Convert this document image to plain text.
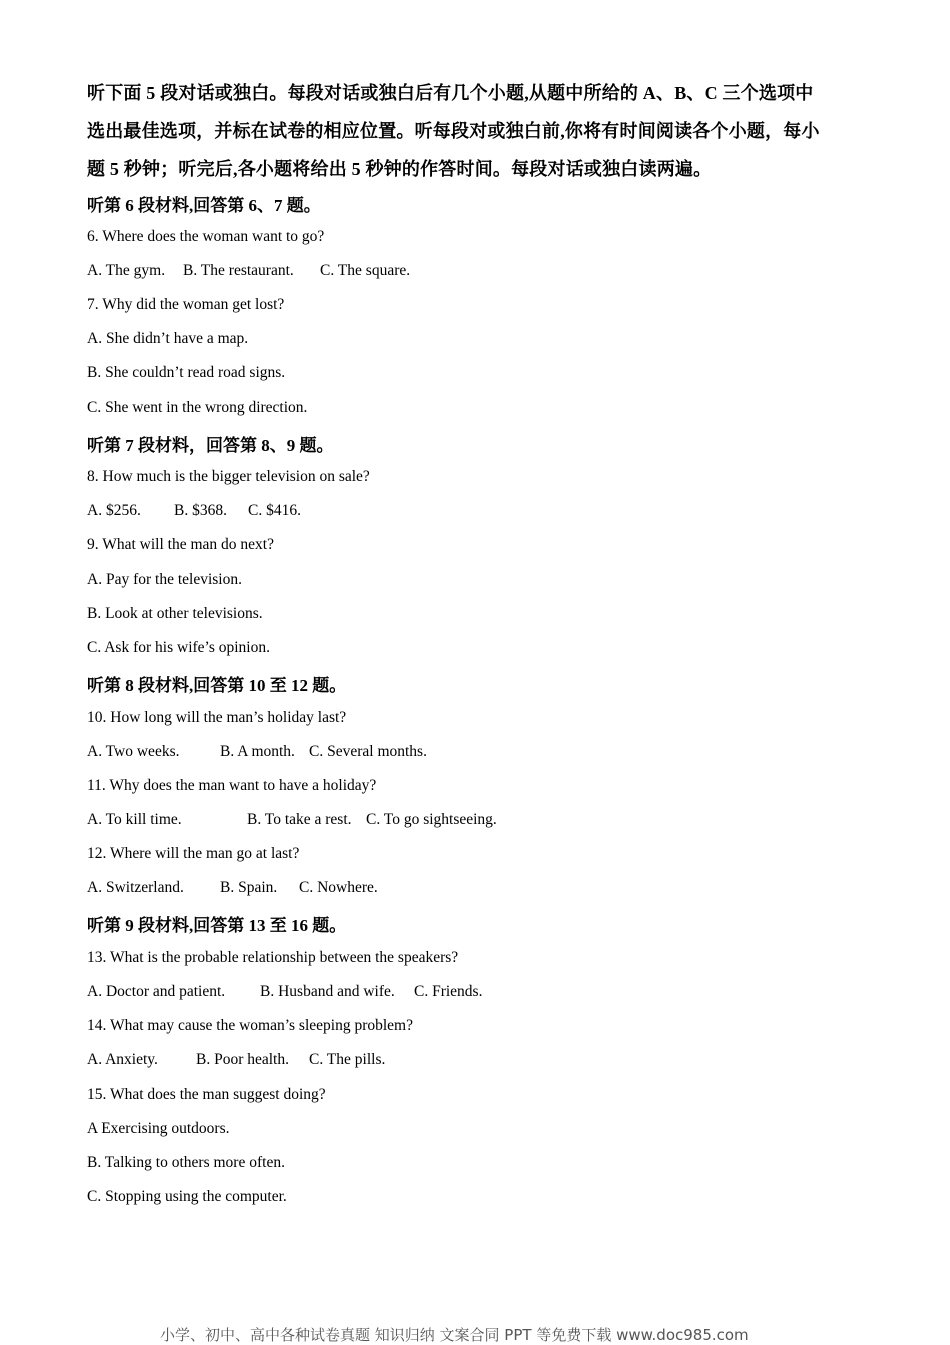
听下面 5 段对话或独白。每段对话或独白后有几个小题,从题中所给的 A、B、C 三个选项中
选出最佳选项，并标在试卷的相应位置。听每段对或独白前,你将有时间阅读各个小题，每小
题 5 秒钟；听完后,各小题将给出 5 秒钟的作答时间。每段对话或独白读两遍。
听第 6 段材料,回答第 6、7 题。
6. Where does the woman want to go?
A. The gym. B. The restaurant. C. The square.
7. Why did the woman get lost?
A. She didn’t have a map.
B. She couldn’t read road signs.
C. She went in the wrong direction.
听第 7 段材料，回答第 8、9 题。
8. How much is the bigger television on sale?
A. $256. B. $368. C. $416.
9. What will the man do next?
A. Pay for the television.
B. Look at other televisions.
C. Ask for his wife’s opinion.
听第 8 段材料,回答第 10 至 12 题。
10. How long will the man’s holiday last?
A. Two weeks.	B. A month. C. Several months.
11. Why does the man want to have a holiday?
A. To kill time.	B. To take a rest. C. To go sightseeing.
12. Where will the man go at last?
A. Switzerland. B. Spain. C. Nowhere.
听第 9 段材料,回答第 13 至 16 题。
13. What is the probable relationship between the speakers?
A. Doctor and patient. B. Husband and wife. C. Friends.
14. What may cause the woman’s sleeping problem?
A. Anxiety. B. Poor health. C. The pills.
15. What does the man suggest doing?
A Exercising outdoors.
B. Talking to others more often.
C. Stopping using the computer.
小学、初中、高中各种试卷真题 知识归纳 文案合同 PPT 等免费下载 www.doc985.com
